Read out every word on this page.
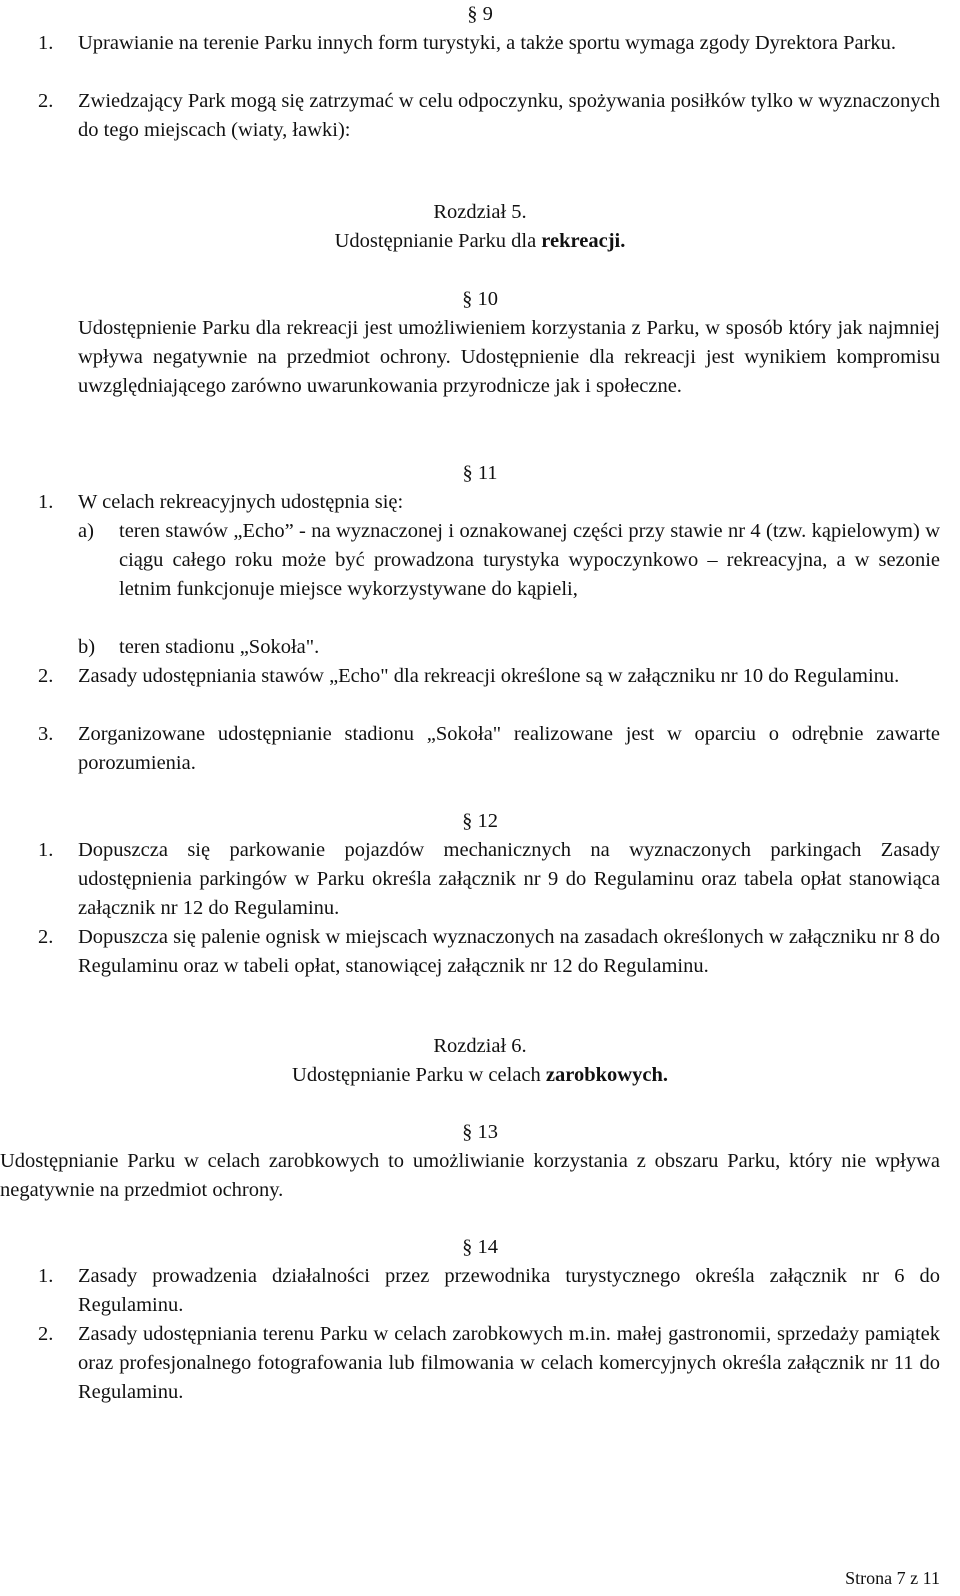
§ 9
1. Uprawianie na terenie Parku innych form turystyki, a także sportu wymaga zgody Dyrektora Parku.
2. Zwiedzający Park mogą się zatrzymać w celu odpoczynku, spożywania posiłków tylko w wyznaczonych do tego miejscach (wiaty, ławki):
Rozdział 5.
Udostępnianie Parku dla rekreacji.
§ 10

Udostępnienie Parku dla rekreacji jest umożliwieniem korzystania z Parku, w sposób który jak najmniej wpływa negatywnie na przedmiot ochrony. Udostępnienie dla rekreacji jest wynikiem kompromisu uwzględniającego zarówno uwarunkowania przyrodnicze jak i społeczne.

§ 11
1. W celach rekreacyjnych udostępnia się:
a) teren stawów „Echo” - na wyznaczonej i oznakowanej części przy stawie nr 4 (tzw. kąpielowym) w ciągu całego roku może być prowadzona turystyka wypoczynkowo – rekreacyjna, a w sezonie letnim funkcjonuje miejsce wykorzystywane do kąpieli,
b) teren stadionu „Sokoła".
2. Zasady udostępniania stawów „Echo" dla rekreacji określone są w załączniku nr 10 do Regulaminu.
3. Zorganizowane udostępnianie stadionu „Sokoła" realizowane jest w oparciu o odrębnie zawarte porozumienia.
§ 12
1. Dopuszcza się parkowanie pojazdów mechanicznych na wyznaczonych parkingach Zasady udostępnienia parkingów w Parku określa załącznik nr 9 do Regulaminu oraz tabela opłat stanowiąca załącznik nr 12 do Regulaminu.
2. Dopuszcza się palenie ognisk w miejscach wyznaczonych na zasadach określonych w załączniku nr 8 do Regulaminu oraz w tabeli opłat, stanowiącej załącznik nr 12 do Regulaminu.
Rozdział 6.
Udostępnianie Parku w celach zarobkowych.
§ 13

Udostępnianie Parku w celach zarobkowych to umożliwianie korzystania z obszaru Parku, który nie wpływa negatywnie na przedmiot ochrony.

§ 14
1. Zasady prowadzenia działalności przez przewodnika turystycznego określa załącznik nr 6 do Regulaminu.
2. Zasady udostępniania terenu Parku w celach zarobkowych m.in. małej gastronomii, sprzedaży pamiątek oraz profesjonalnego fotografowania lub filmowania w celach komercyjnych określa załącznik nr 11 do Regulaminu.
Strona 7 z 11
